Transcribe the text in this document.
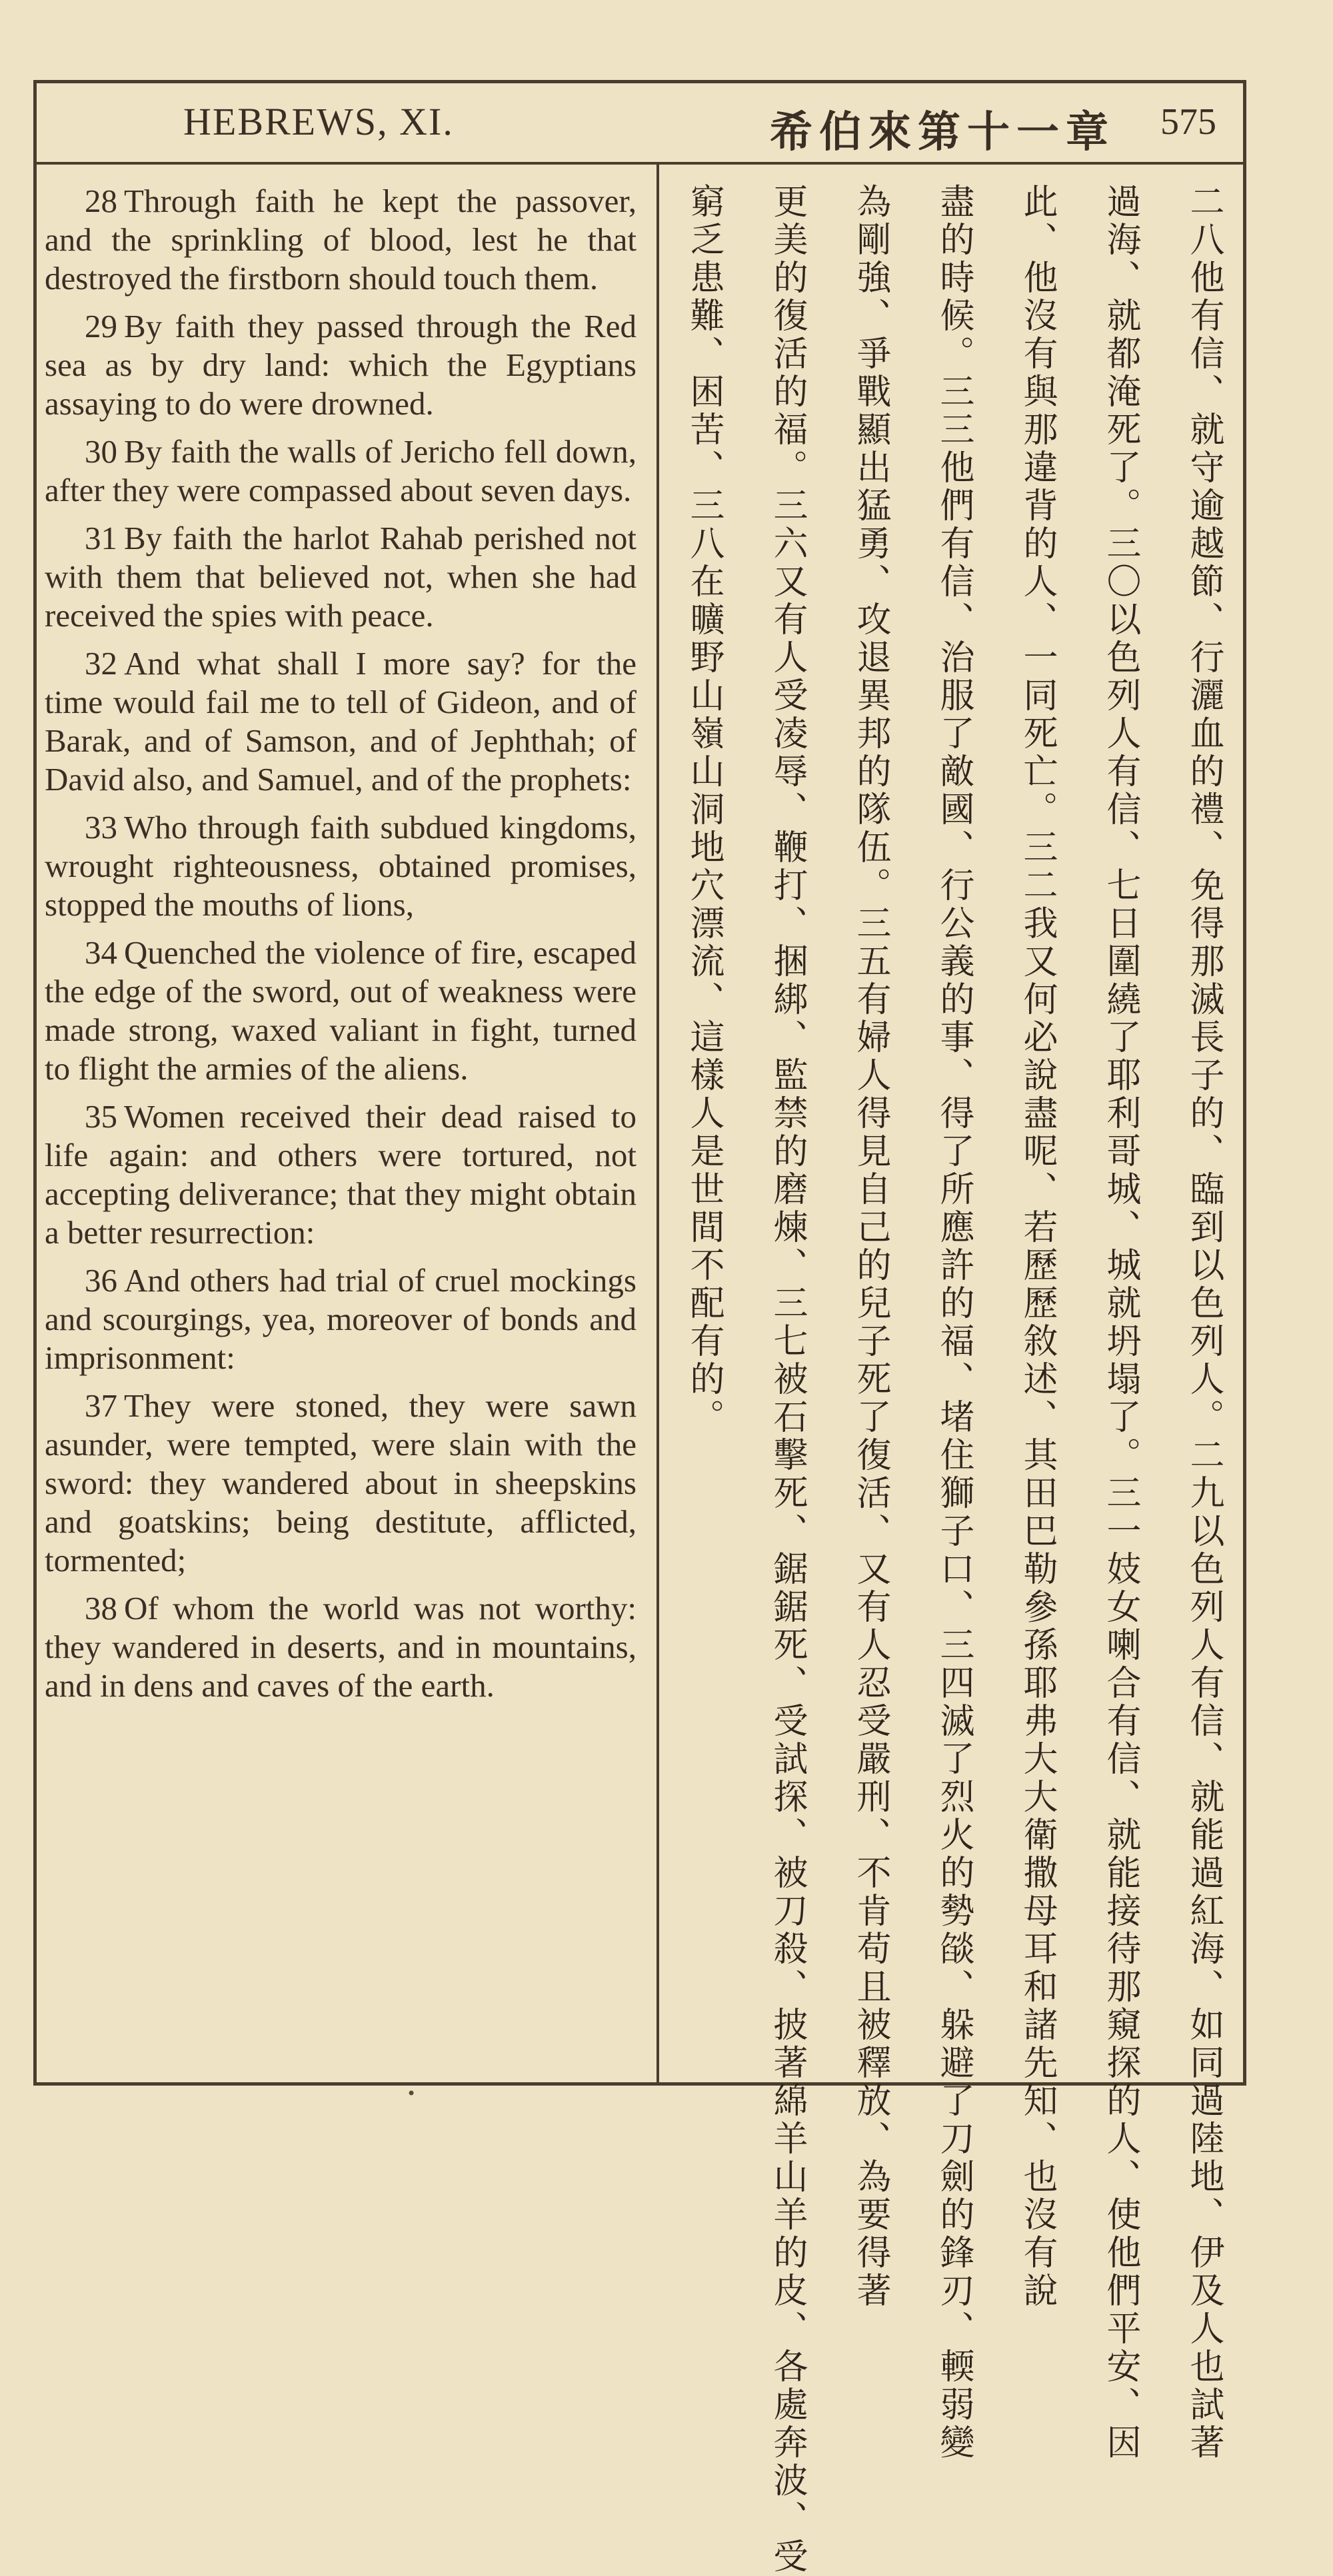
HEBREWS, XI.	希伯來第十一章 575

28 Through faith he kept the passover, and the sprinkling of blood, lest he that destroyed the firstborn should touch them.

29 By faith they passed through the Red sea as by dry land: which the Egyptians assaying to do were drowned.

30 By faith the walls of Jericho fell down, after they were compassed about seven days.

31 By faith the harlot Rahab perished not with them that believed not, when she had received the spies with peace.

32 And what shall I more say? for the time would fail me to tell of Gideon, and of Barak, and of Samson, and of Jephthah; of David also, and Samuel, and of the prophets:

33 Who through faith subdued kingdoms, wrought righteousness, obtained promises, stopped the mouths of lions,

34 Quenched the violence of fire, escaped the edge of the sword, out of weakness were made strong, waxed valiant in fight, turned to flight the armies of the aliens.

35 Women received their dead raised to life again: and others were tortured, not accepting deliverance; that they might obtain a better resurrection:

36 And others had trial of cruel mockings and scourgings, yea, moreover of bonds and imprisonment:

37 They were stoned, they were sawn asunder, were tempted, were slain with the sword: they wandered about in sheepskins and goatskins; being destitute, afflicted, tormented;

38 Of whom the world was not worthy: they wandered in deserts, and in mountains, and in dens and caves of the earth.	二八他有信、就守逾越節、行灑血的禮、免得那滅長子的、臨到以色列人。二九以色列人有信、就能過紅海、如同過陸地、伊及人也試著
過海、就都淹死了。三〇以色列人有信、七日圍繞了耶利哥城、城就坍塌了。三一妓女喇合有信、就能接待那窺探的人、使他們平安、因
此、他沒有與那違背的人、一同死亡。三二我又何必說盡呢、若歷歷敘述、其田巴勒參孫耶弗大大衛撒母耳和諸先知、也沒有說
盡的時候。三三他們有信、治服了敵國、行公義的事、得了所應許的福、堵住獅子口、三四滅了烈火的勢燄、躲避了刀劍的鋒刃、輭弱變
為剛強、爭戰顯出猛勇、攻退異邦的隊伍。三五有婦人得見自己的兒子死了復活、又有人忍受嚴刑、不肯苟且被釋放、為要得著
更美的復活的福。三六又有人受凌辱、鞭打、捆綁、監禁的磨煉、三七被石擊死、鋸鋸死、受試探、被刀殺、披著綿羊山羊的皮、各處奔波、受
窮乏患難、困苦、三八在曠野山嶺山洞地穴漂流、這樣人是世間不配有的。
•
